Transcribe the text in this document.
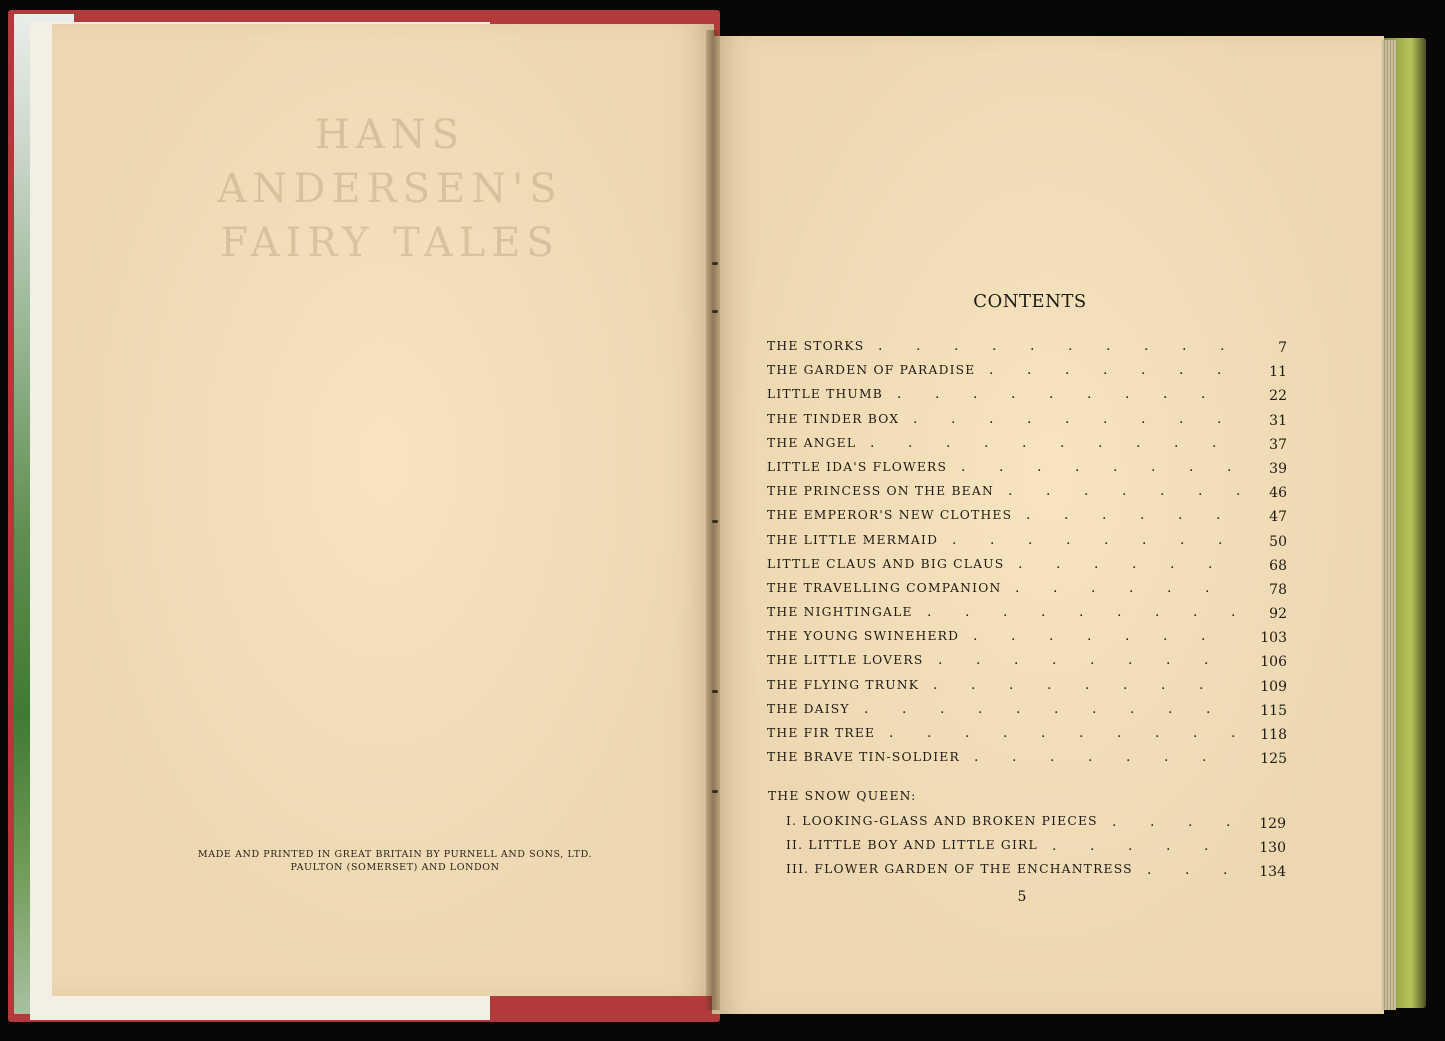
HANS ANDERSEN'S
FAIRY TALES
MADE AND PRINTED IN GREAT BRITAIN BY PURNELL AND SONS, LTD.
PAULTON (SOMERSET) AND LONDON
CONTENTS
. . . . . . . . . .
THE STORKS	7
. . . . . . .
THE GARDEN OF PARADISE	11
. . . . . . . . .
LITTLE THUMB	22
. . . . . . . . .
THE TINDER BOX	31
. . . . . . . . . .
THE ANGEL	37
. . . . . . . .
LITTLE IDA'S FLOWERS	39
. . . . . . .
THE PRINCESS ON THE BEAN	46
. . . . . .
THE EMPEROR'S NEW CLOTHES	47
. . . . . . . .
THE LITTLE MERMAID	50
. . . . . .
LITTLE CLAUS AND BIG CLAUS	68
. . . . . .
THE TRAVELLING COMPANION	78
. . . . . . . . .
THE NIGHTINGALE	92
. . . . . . .
THE YOUNG SWINEHERD	103
. . . . . . . .
THE LITTLE LOVERS	106
. . . . . . . .
THE FLYING TRUNK	109
. . . . . . . . . .
THE DAISY	115
. . . . . . . . . .
THE FIR TREE	118
. . . . . . .
THE BRAVE TIN-SOLDIER	125
THE SNOW QUEEN:
. . . .
I. LOOKING-GLASS AND BROKEN PIECES	129
. . . . .
II. LITTLE BOY AND LITTLE GIRL	130
. . .
III. FLOWER GARDEN OF THE ENCHANTRESS	134
5
